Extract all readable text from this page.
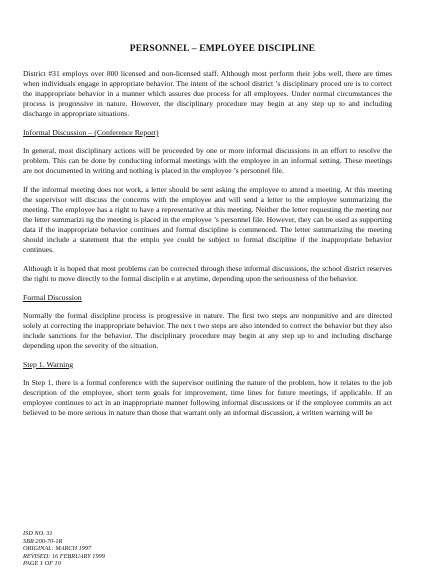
PERSONNEL – EMPLOYEE DISCIPLINE

District #31 employs over 800 licensed and non-licensed staff. Although most perform their jobs well, there are times when individuals engage in appropriate behavior. The intent of the school district ’s disciplinary proced ure is to correct the inappropriate behavior in a manner which assures due process for all employees. Under normal circumstances the process is progressive in nature. However, the disciplinary procedure may begin at any step up to and including discharge in appropriate situations.

Informal Discussion – (Conference Report)

In general, most disciplinary actions will be proceeded by one or more informal discussions in an effort to resolve the problem. This can be done by conducting informal meetings with the employee in an informal setting. These meetings are not documented in writing and nothing is placed in the employee ’s personnel file.

If the informal meeting does not work, a letter should be sent asking the employee to attend a meeting. At this meeting the supervisor will discuss the concerns with the employee and will send a letter to the employee summarizing the meeting. The employee has a right to have a representative at this meeting. Neither the letter requesting the meeting nor the letter summarizi ng the meeting is placed in the employee ’s personnel file. However, they can be used as supporting data if the inappropriate behavior continues and formal discipline is commenced. The letter summarizing the meeting should include a statement that the emplo yee could be subject to formal discipline if the inappropriate behavior continues.

Although it is hoped that most problems can be corrected through these informal discussions, the school district reserves the right to move directly to the formal disciplin e at anytime, depending upon the seriousness of the behavior.

Formal Discussion

Normally the formal discipline process is progressive in nature. The first two steps are nonpunitive and are directed solely at correcting the inappropriate behavior. The nex t two steps are also intended to correct the behavior but they also include sanctions for the behavior. The disciplinary procedure may begin at any step up to and including discharge depending upon the severity of the situation.

Step 1. Warning

In Step 1, there is a formal conference with the supervisor outlining the nature of the problem, how it relates to the job description of the employee, short term goals for improvement, time lines for future meetings, if applicable. If an employee continues to act in an inappropriate manner following informal discussions or if the employee commits an act believed to be more serious in nature than those that warrant only an informal discussion, a written warning will be

ISD NO. 31
SBR 200-70-1R
ORIGINAL: MARCH 1997
REVISED: 16 FEBRUARY 1999
PAGE 1 OF 10
